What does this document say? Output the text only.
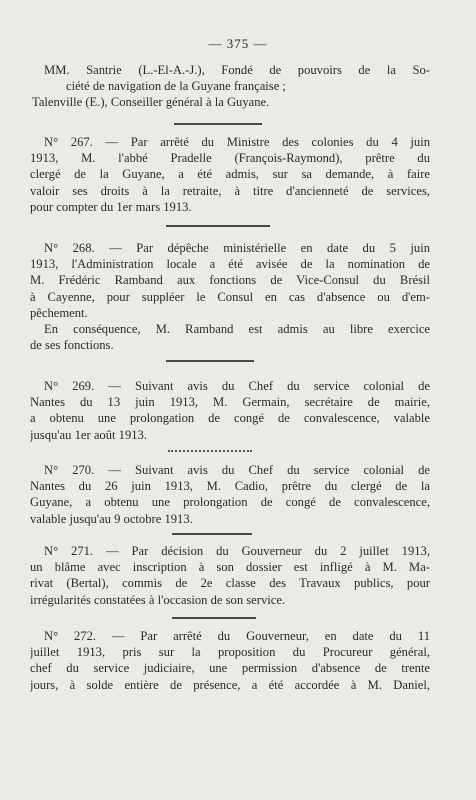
— 375 —
MM. Santrie (L.-El-A.-J.), Fondé de pouvoirs de la So-
ciété de navigation de la Guyane française ;
Talenville (E.), Conseiller général à la Guyane.
N° 267. — Par arrêté du Ministre des colonies du 4 juin
1913, M. l'abbé Pradelle (François-Raymond), prêtre du
clergé de la Guyane, a été admis, sur sa demande, à faire
valoir ses droits à la retraite, à titre d'ancienneté de services,
pour compter du 1er mars 1913.
N° 268. — Par dépêche ministérielle en date du 5 juin
1913, l'Administration locale a été avisée de la nomination de
M. Frédéric Ramband aux fonctions de Vice-Consul du Brésil
à Cayenne, pour suppléer le Consul en cas d'absence ou d'em-
pêchement.
En conséquence, M. Ramband est admis au libre exercice
de ses fonctions.
N° 269. — Suivant avis du Chef du service colonial de
Nantes du 13 juin 1913, M. Germain, secrétaire de mairie,
a obtenu une prolongation de congé de convalescence, valable
jusqu'au 1er août 1913.
N° 270. — Suivant avis du Chef du service colonial de
Nantes du 26 juin 1913, M. Cadio, prêtre du clergé de la
Guyane, a obtenu une prolongation de congé de convalescence,
valable jusqu'au 9 octobre 1913.
N° 271. — Par décision du Gouverneur du 2 juillet 1913,
un blâme avec inscription à son dossier est infligé à M. Ma-
rivat (Bertal), commis de 2e classe des Travaux publics, pour
irrégularités constatées à l'occasion de son service.
N° 272. — Par arrêté du Gouverneur, en date du 11
juillet 1913, pris sur la proposition du Procureur général,
chef du service judiciaire, une permission d'absence de trente
jours, à solde entière de présence, a été accordée à M. Daniel,
